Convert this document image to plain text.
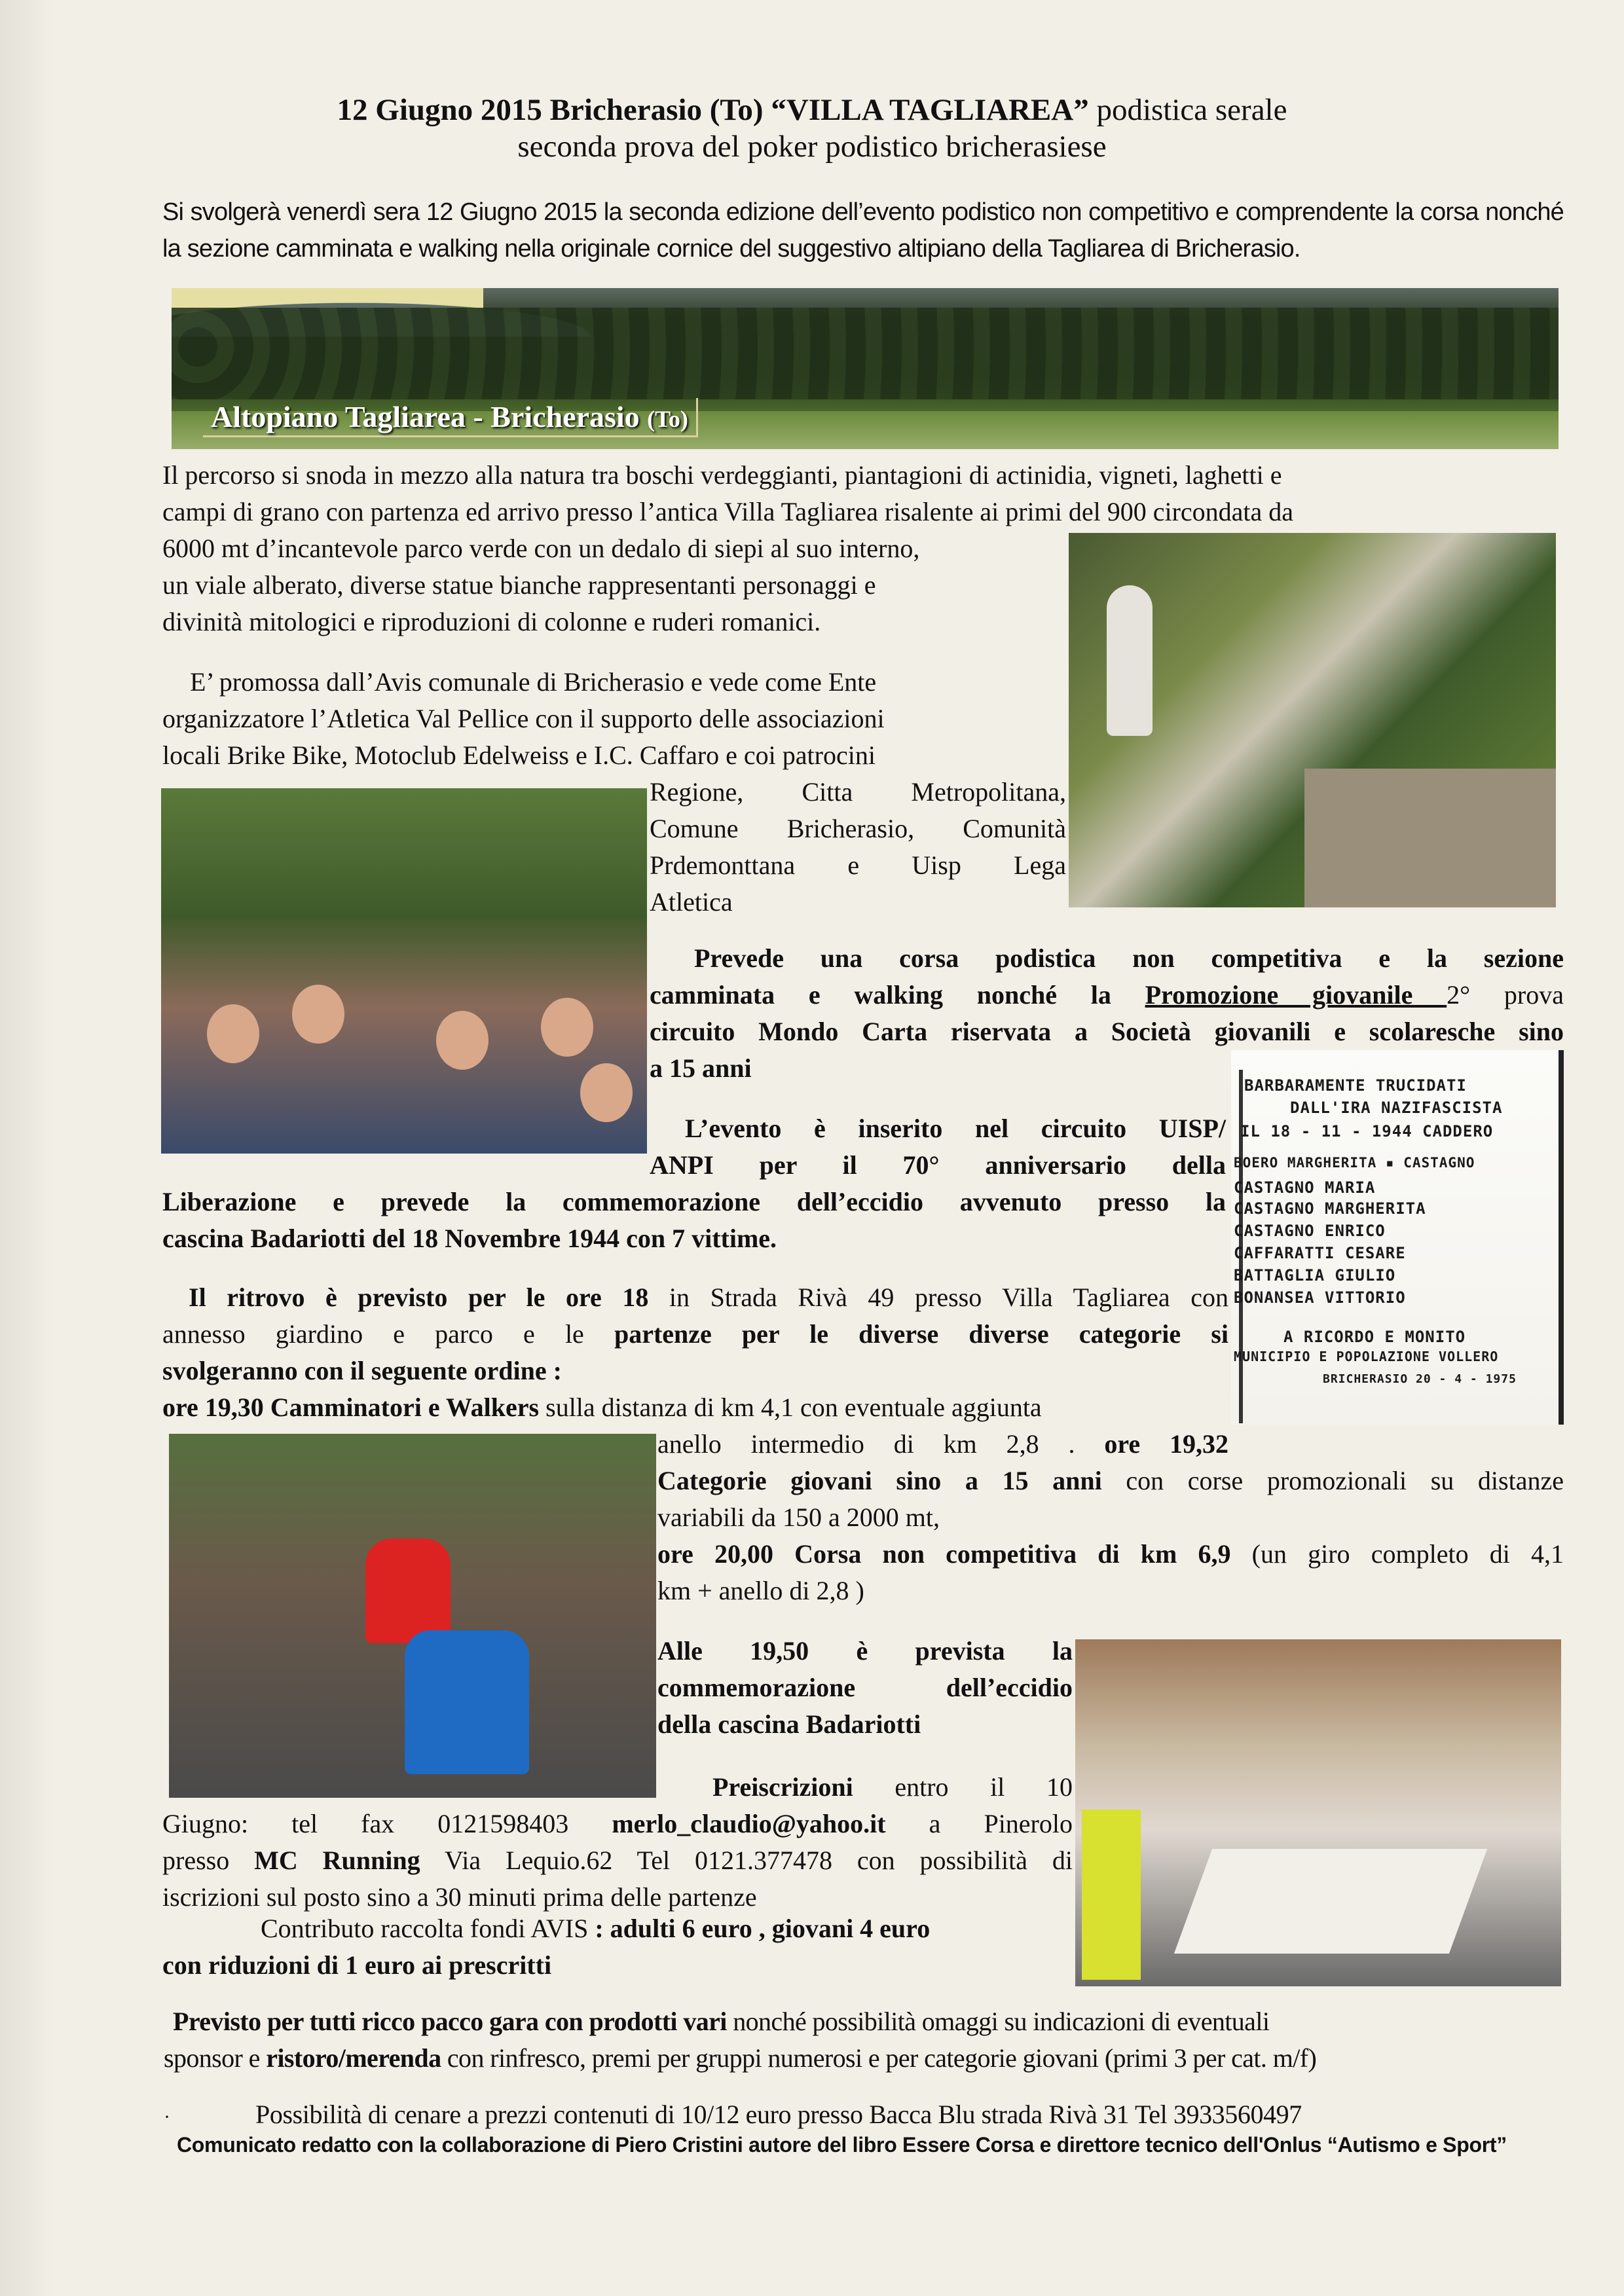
12 Giugno 2015 Bricherasio (To) “VILLA TAGLIAREA” podistica serale
seconda prova del poker podistico bricherasiese

Si svolgerà venerdì sera 12 Giugno 2015 la seconda edizione dell’evento podistico non competitivo e comprendente la corsa nonché la sezione camminata e walking nella originale cornice del suggestivo altipiano della Tagliarea di Bricherasio.

Altopiano Tagliarea - Bricherasio (To)

Il percorso si snoda in mezzo alla natura tra boschi verdeggianti, piantagioni di actinidia, vigneti, laghetti e

campi di grano con partenza ed arrivo presso l’antica Villa Tagliarea risalente ai primi del 900 circondata da

6000 mt d’incantevole parco verde con un dedalo di siepi al suo interno,

un viale alberato, diverse statue bianche rappresentanti personaggi e

divinità mitologici e riproduzioni di colonne e ruderi romanici.

E’ promossa dall’Avis comunale di Bricherasio e vede come Ente

organizzatore l’Atletica Val Pellice con il supporto delle associazioni

locali Brike Bike, Motoclub Edelweiss e I.C. Caffaro e coi patrocini

Regione, Citta Metropolitana,

Comune Bricherasio, Comunità

Prdemonttana e Uisp Lega

Atletica

Prevede una corsa podistica non competitiva e la sezione

camminata e walking nonché la Promozione giovanile 2° prova

circuito Mondo Carta riservata a Società giovanili e scolaresche sino

a 15 anni

BARBARAMENTE TRUCIDATI
DALL'IRA NAZIFASCISTA
IL 18 - 11 - 1944 CADDERO
BOERO MARGHERITA ▪ CASTAGNO
CASTAGNO MARIA
CASTAGNO MARGHERITA
CASTAGNO ENRICO
CAFFARATTI CESARE
BATTAGLIA GIULIO
BONANSEA VITTORIO
A RICORDO E MONITO
MUNICIPIO E POPOLAZIONE VOLLERO
BRICHERASIO 20 - 4 - 1975

L’evento è inserito nel circuito UISP/

ANPI per il 70° anniversario della

Liberazione e prevede la commemorazione dell’eccidio avvenuto presso la

cascina Badariotti del 18 Novembre 1944 con 7 vittime.

Il ritrovo è previsto per le ore 18 in Strada Rivà 49 presso Villa Tagliarea con

annesso giardino e parco e le partenze per le diverse diverse categorie si

svolgeranno con il seguente ordine :

ore 19,30 Camminatori e Walkers sulla distanza di km 4,1 con eventuale aggiunta

anello intermedio di km 2,8 . ore 19,32

Categorie giovani sino a 15 anni con corse promozionali su distanze

variabili da 150 a 2000 mt,

ore 20,00 Corsa non competitiva di km 6,9 (un giro completo di 4,1

km + anello di 2,8 )

Alle 19,50 è prevista la

commemorazione dell’eccidio

della cascina Badariotti

Preiscrizioni entro il 10

Giugno: tel fax 0121598403 merlo_claudio@yahoo.it a Pinerolo

presso MC Running Via Lequio.62 Tel 0121.377478 con possibilità di

iscrizioni sul posto sino a 30 minuti prima delle partenze

Contributo raccolta fondi AVIS : adulti 6 euro , giovani 4 euro

con riduzioni di 1 euro ai prescritti

Previsto per tutti ricco pacco gara con prodotti vari nonché possibilità omaggi su indicazioni di eventuali

sponsor e ristoro/merenda con rinfresco, premi per gruppi numerosi e per categorie giovani (primi 3 per cat. m/f)

·	Possibilità di cenare a prezzi contenuti di 10/12 euro presso Bacca Blu strada Rivà 31 Tel 3933560497
Comunicato redatto con la collaborazione di Piero Cristini autore del libro Essere Corsa e direttore tecnico dell'Onlus “Autismo e Sport”
